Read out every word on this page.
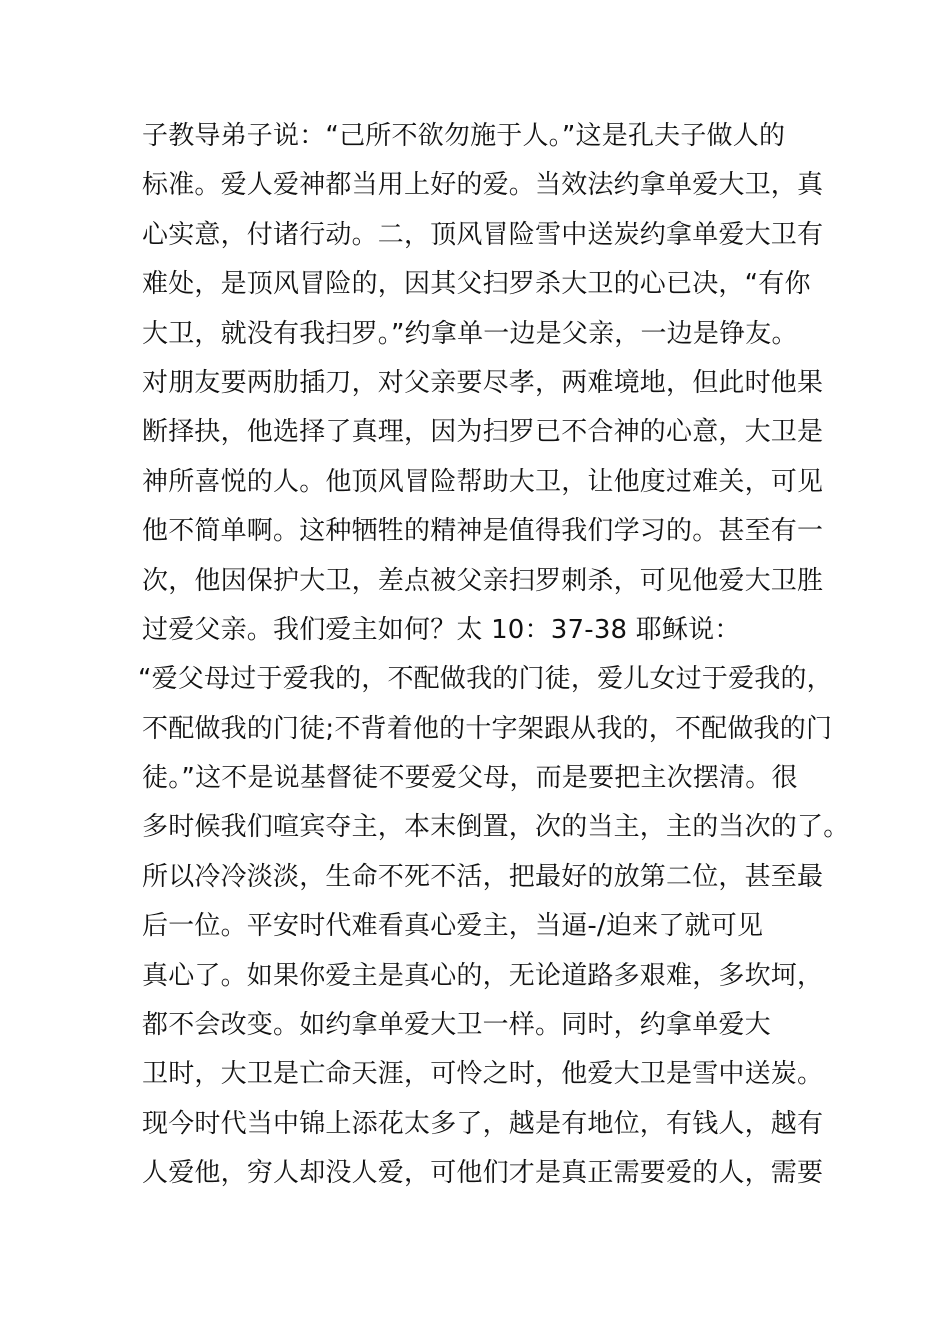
子教导弟子说：“己所不欲勿施于人。”这是孔夫子做人的
标准。爱人爱神都当用上好的爱。当效法约拿单爱大卫，真
心实意，付诸行动。二，顶风冒险雪中送炭约拿单爱大卫有
难处，是顶风冒险的，因其父扫罗杀大卫的心已决，“有你
大卫，就没有我扫罗。”约拿单一边是父亲，一边是铮友。
对朋友要两肋插刀，对父亲要尽孝，两难境地，但此时他果
断择抉，他选择了真理，因为扫罗已不合神的心意，大卫是
神所喜悦的人。他顶风冒险帮助大卫，让他度过难关，可见
他不简单啊。这种牺牲的精神是值得我们学习的。甚至有一
次，他因保护大卫，差点被父亲扫罗刺杀，可见他爱大卫胜
过爱父亲。我们爱主如何？太 10：37-38 耶稣说：
“爱父母过于爱我的，不配做我的门徒，爱儿女过于爱我的，
不配做我的门徒;不背着他的十字架跟从我的，不配做我的门
徒。”这不是说基督徒不要爱父母，而是要把主次摆清。很
多时候我们喧宾夺主，本末倒置，次的当主，主的当次的了。
所以冷冷淡淡，生命不死不活，把最好的放第二位，甚至最
后一位。平安时代难看真心爱主，当逼-/迫来了就可见
真心了。如果你爱主是真心的，无论道路多艰难，多坎坷，
都不会改变。如约拿单爱大卫一样。同时，约拿单爱大
卫时，大卫是亡命天涯，可怜之时，他爱大卫是雪中送炭。
现今时代当中锦上添花太多了，越是有地位，有钱人，越有
人爱他，穷人却没人爱，可他们才是真正需要爱的人，需要
